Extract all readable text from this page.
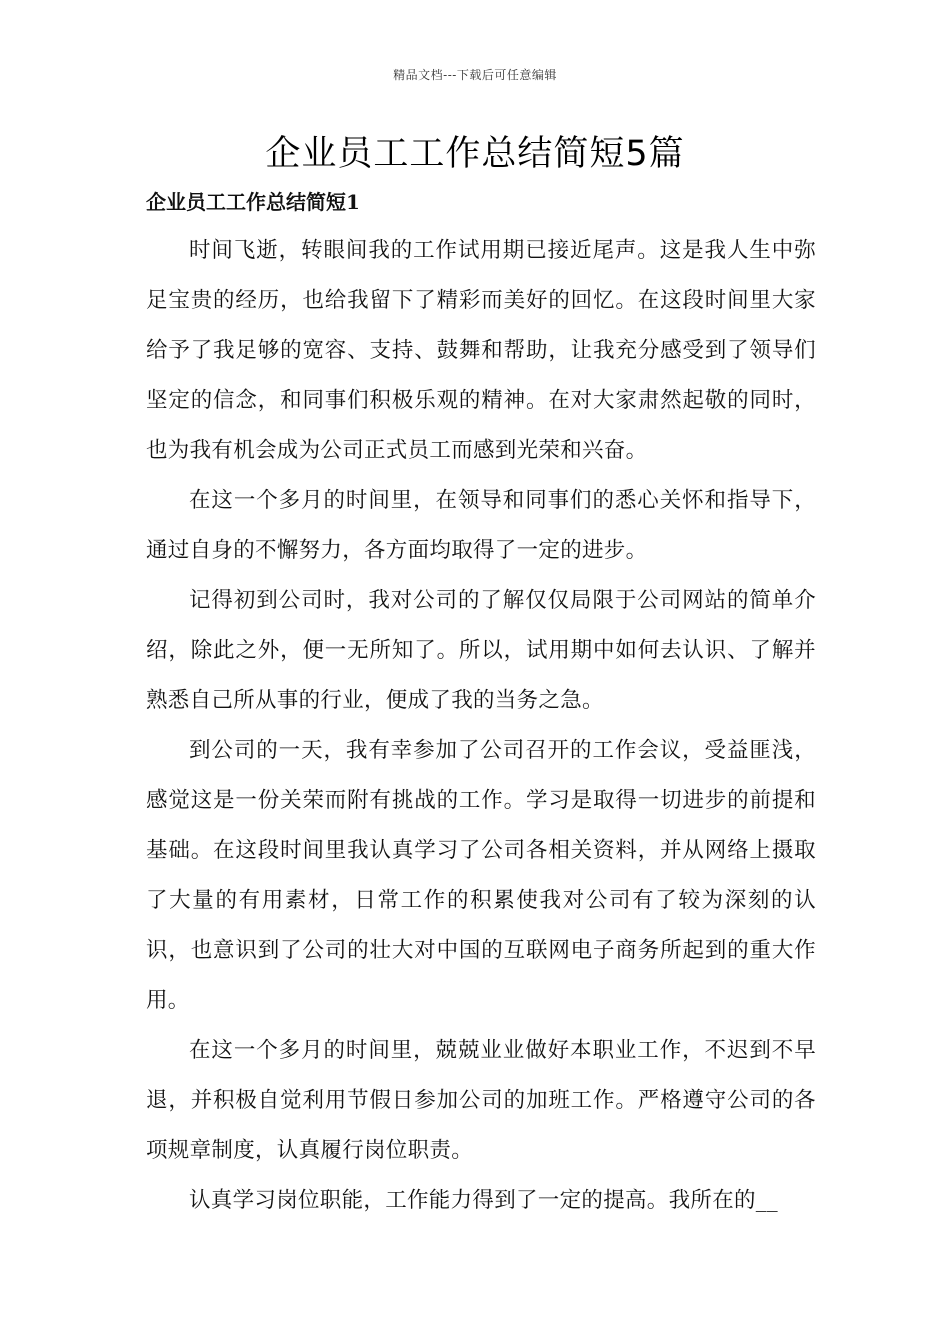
精品文档---下载后可任意编辑
企业员工工作总结简短5篇
企业员工工作总结简短1

时间飞逝，转眼间我的工作试用期已接近尾声。这是我人生中弥足宝贵的经历，也给我留下了精彩而美好的回忆。在这段时间里大家给予了我足够的宽容、支持、鼓舞和帮助，让我充分感受到了领导们坚定的信念，和同事们积极乐观的精神。在对大家肃然起敬的同时，也为我有机会成为公司正式员工而感到光荣和兴奋。

在这一个多月的时间里，在领导和同事们的悉心关怀和指导下，通过自身的不懈努力，各方面均取得了一定的进步。

记得初到公司时，我对公司的了解仅仅局限于公司网站的简单介绍，除此之外，便一无所知了。所以，试用期中如何去认识、了解并熟悉自己所从事的行业，便成了我的当务之急。

到公司的一天，我有幸参加了公司召开的工作会议，受益匪浅，感觉这是一份关荣而附有挑战的工作。学习是取得一切进步的前提和基础。在这段时间里我认真学习了公司各相关资料，并从网络上摄取了大量的有用素材，日常工作的积累使我对公司有了较为深刻的认识，也意识到了公司的壮大对中国的互联网电子商务所起到的重大作用。

在这一个多月的时间里，兢兢业业做好本职业工作，不迟到不早退，并积极自觉利用节假日参加公司的加班工作。严格遵守公司的各项规章制度，认真履行岗位职责。

认真学习岗位职能，工作能力得到了一定的提高。我所在的__
